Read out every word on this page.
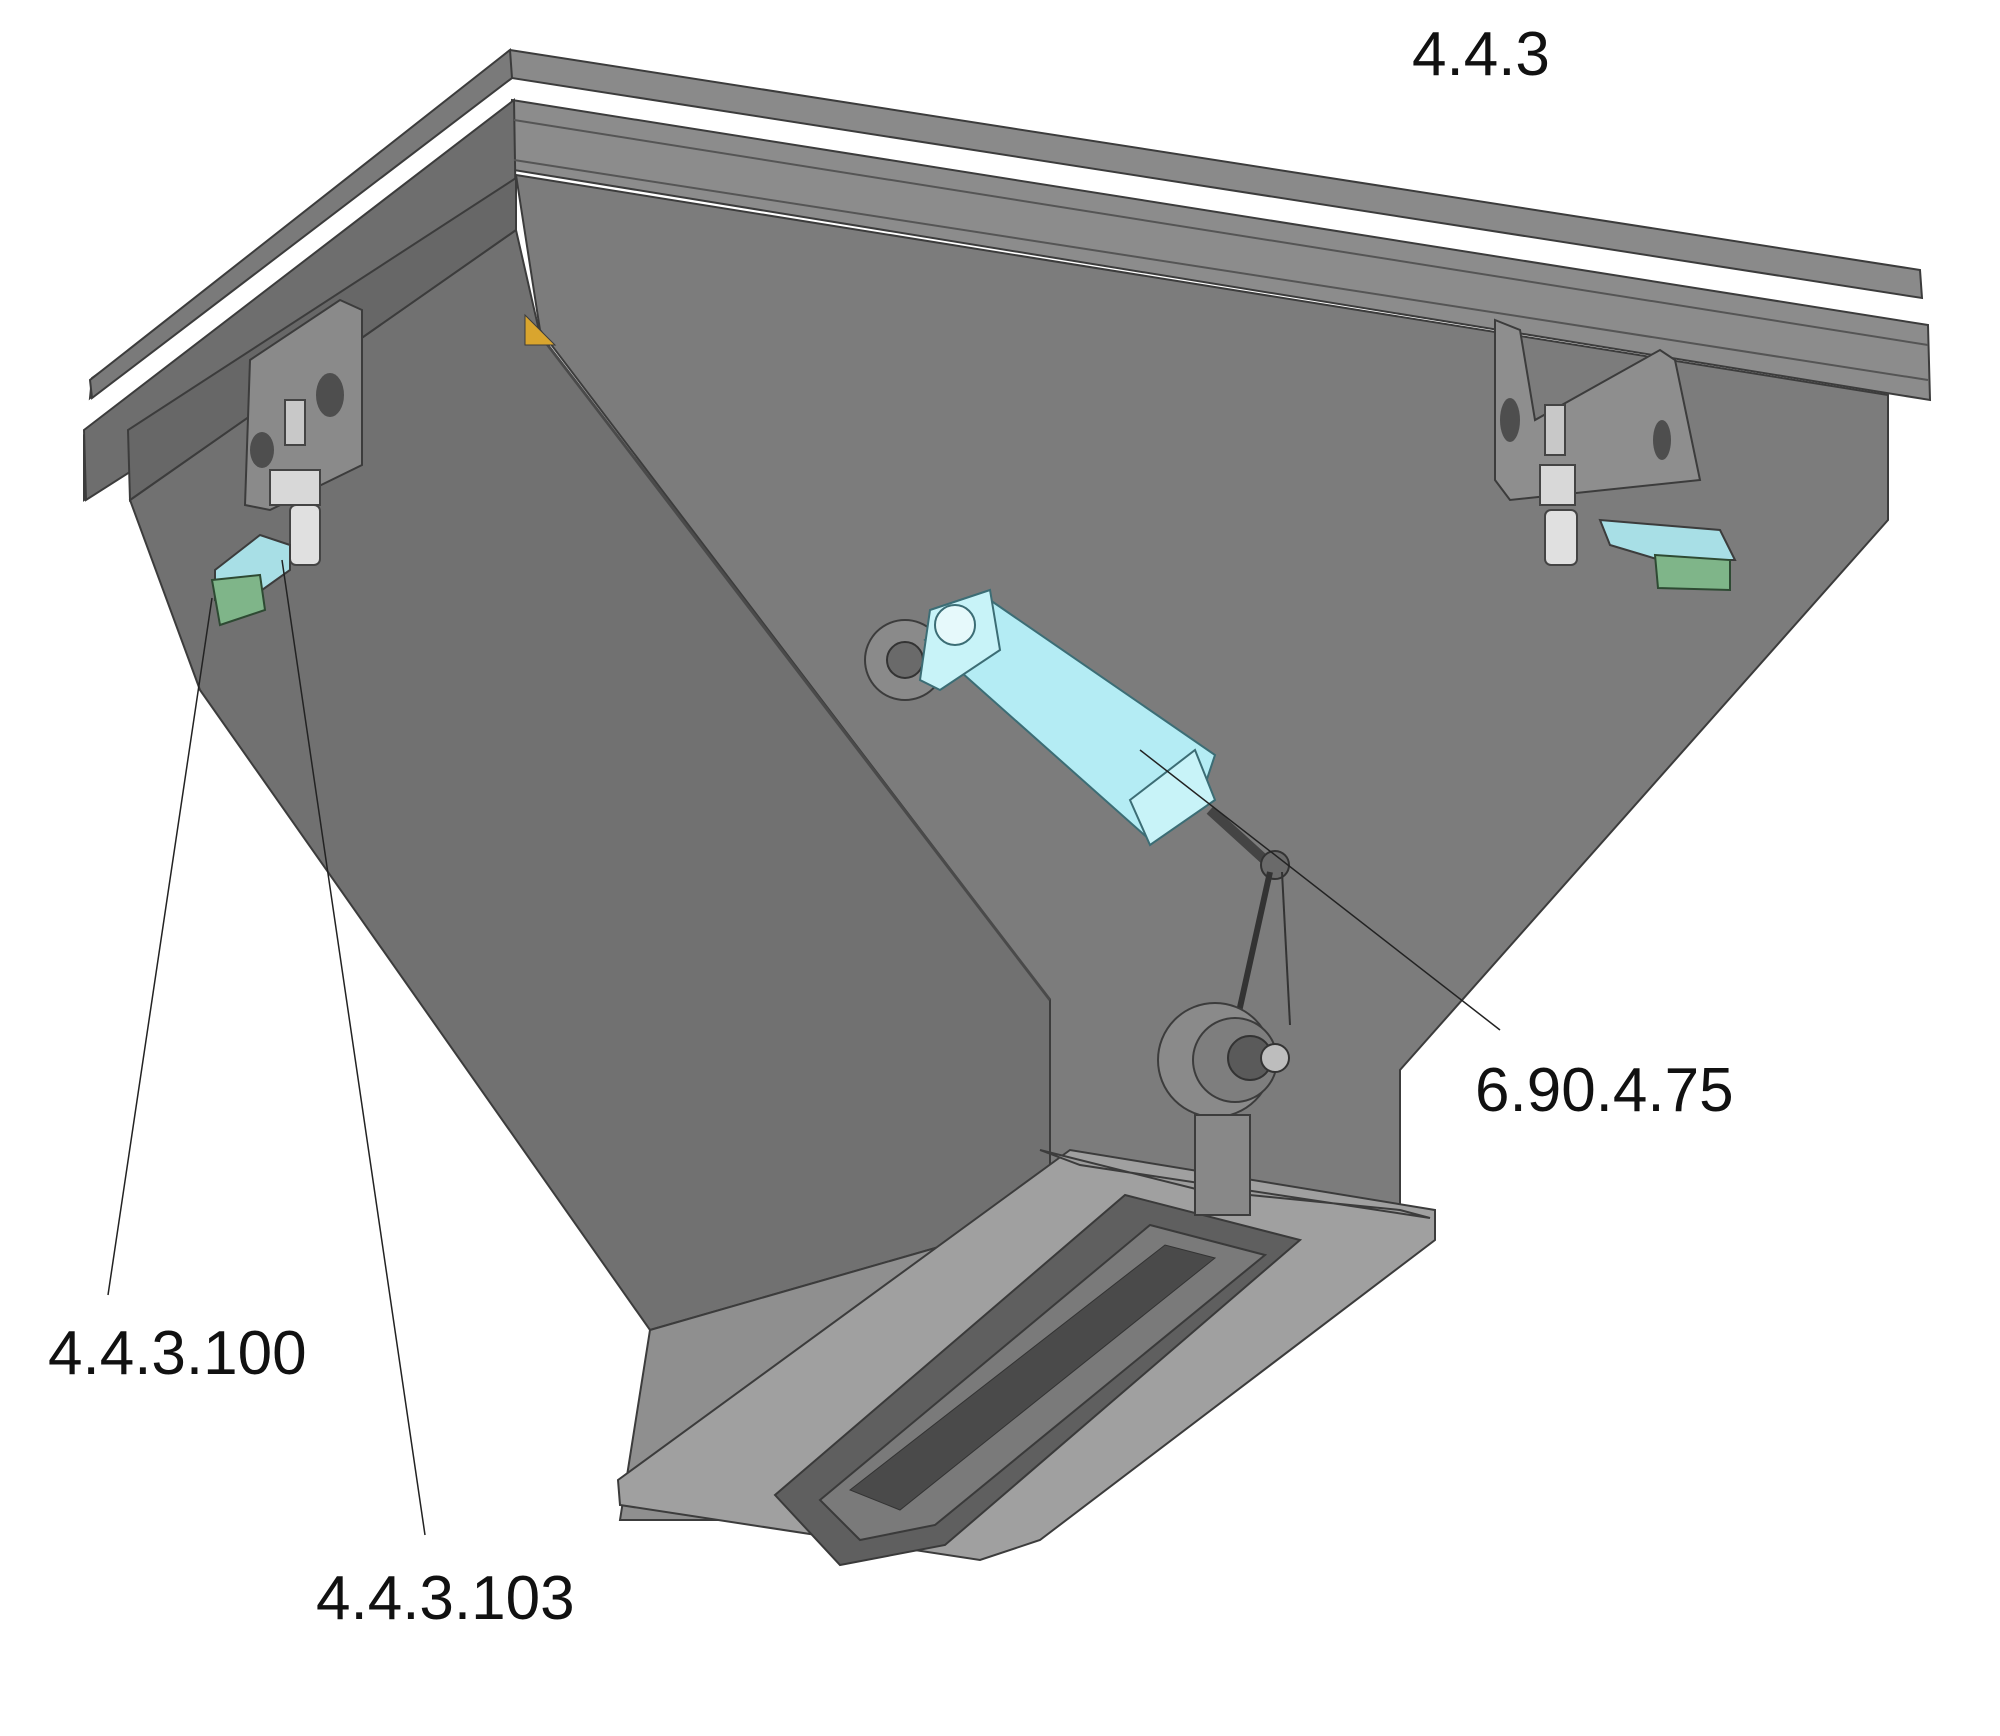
4.4.3
6.90.4.75
4.4.3.100
4.4.3.103
